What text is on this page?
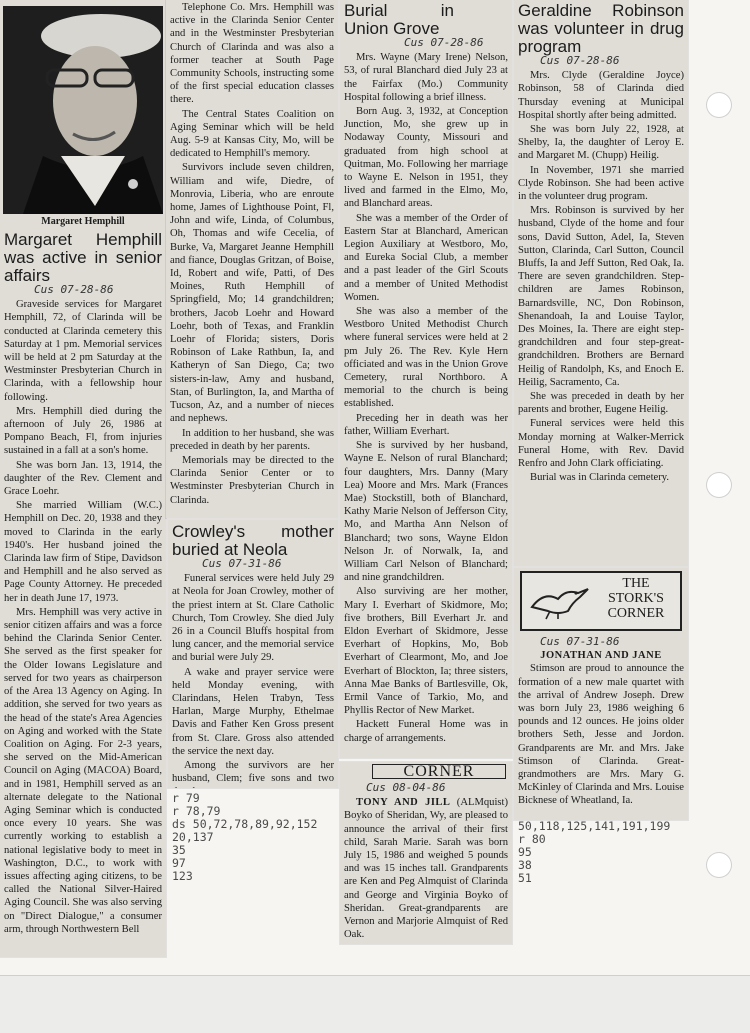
Margaret Hemphill
Margaret Hemphill was active in senior affairs
Cus 07-28-86

Graveside services for Margaret Hemphill, 72, of Clarinda will be conducted at Clarinda cemetery this Saturday at 1 pm. Memorial services will be held at 2 pm Saturday at the Westminster Presbyterian Church in Clarinda, with a fellowship hour following.

Mrs. Hemphill died during the afternoon of July 26, 1986 at Pompano Beach, Fl, from injuries sustained in a fall at a son's home.

She was born Jan. 13, 1914, the daughter of the Rev. Clement and Grace Loehr.

She married William (W.C.) Hemphill on Dec. 20, 1938 and they moved to Clarinda in the early 1940's. Her husband joined the Clarinda law firm of Stipe, Davidson and Hemphill and he also served as Page County Attorney. He preceded her in death June 17, 1973.

Mrs. Hemphill was very active in senior citizen affairs and was a force behind the Clarinda Senior Center. She served as the first speaker for the Older Iowans Legislature and served for two years as chairperson of the Area 13 Agency on Aging. In addition, she served for two years as the head of the state's Area Agencies on Aging and worked with the State Coalition on Aging. For 2-3 years, she served on the Mid-American Council on Aging (MACOA) Board, and in 1981, Hemphill served as an alternate delegate to the National Aging Seminar which is conducted once every 10 years. She was currently working to establish a national legislative body to meet in Washington, D.C., to work with issues affecting aging citizens, to be called the National Silver-Haired Aging Council. She was also serving on "Direct Dialogue," a consumer arm, through Northwestern Bell

Telephone Co. Mrs. Hemphill was active in the Clarinda Senior Center and in the Westminster Presbyterian Church of Clarinda and was also a former teacher at South Page Community Schools, instructing some of the first special education classes there.

The Central States Coalition on Aging Seminar which will be held Aug. 5-9 at Kansas City, Mo, will be dedicated to Hemphill's memory.

Survivors include seven children, William and wife, Diedre, of Monrovia, Liberia, who are enroute home, James of Lighthouse Point, Fl, John and wife, Linda, of Columbus, Oh, Thomas and wife Cecelia, of Burke, Va, Margaret Jeanne Hemphill and fiance, Douglas Gritzan, of Boise, Id, Robert and wife, Patti, of Des Moines, Ruth Hemphill of Springfield, Mo; 14 grandchildren; brothers, Jacob Loehr and Howard Loehr, both of Texas, and Franklin Loehr of Florida; sisters, Doris Robinson of Lake Rathbun, Ia, and Katheryn of San Diego, Ca; two sisters-in-law, Amy and husband, Stan, of Burlington, Ia, and Martha of Tucson, Az, and a number of nieces and nephews.

In addition to her husband, she was preceded in death by her parents.

Memorials may be directed to the Clarinda Senior Center or to Westminster Presbyterian Church in Clarinda.

Crowley's mother buried at Neola
Cus 07-31-86

Funeral services were held July 29 at Neola for Joan Crowley, mother of the priest intern at St. Clare Catholic Church, Tom Crowley. She died July 26 in a Council Bluffs hospital from lung cancer, and the memorial service and burial were July 29.

A wake and prayer service were held Monday evening, with Clarindans, Helen Trabyn, Tess Harlan, Marge Murphy, Ethelmae Davis and Father Ken Gross present from St. Clare. Gross also attended the service the next day.

Among the survivors are her husband, Clem; five sons and two

r 79
r 78,79
ds 50,72,78,89,92,152
20,137
35
97
123
Burial in Union Grove
Cus 07-28-86

Mrs. Wayne (Mary Irene) Nelson, 53, of rural Blanchard died July 23 at the Fairfax (Mo.) Community Hospital following a brief illness.

Born Aug. 3, 1932, at Conception Junction, Mo, she grew up in Nodaway County, Missouri and graduated from high school at Quitman, Mo. Following her marriage to Wayne E. Nelson in 1951, they lived and farmed in the Elmo, Mo, and Blanchard areas.

She was a member of the Order of Eastern Star at Blanchard, American Legion Auxiliary at Westboro, Mo, and Eureka Social Club, a member and a past leader of the Girl Scouts and a member of United Methodist Women.

She was also a member of the Westboro United Methodist Church where funeral services were held at 2 pm July 26. The Rev. Kyle Hern officiated and was in the Union Grove Cemetery, rural Northboro. A memorial to the church is being established.

Preceding her in death was her father, William Everhart.

She is survived by her husband, Wayne E. Nelson of rural Blanchard; four daughters, Mrs. Danny (Mary Lea) Moore and Mrs. Mark (Frances Mae) Stockstill, both of Blanchard, Kathy Marie Nelson of Jefferson City, Mo, and Martha Ann Nelson of Blanchard; two sons, Wayne Eldon Nelson Jr. of Norwalk, Ia, and William Carl Nelson of Blanchard; and nine grandchildren.

Also surviving are her mother, Mary I. Everhart of Skidmore, Mo; five brothers, Bill Everhart Jr. and Eldon Everhart of Skidmore, Jesse Everhart of Hopkins, Mo, Bob Everhart of Clearmont, Mo, and Joe Everhart of Blockton, Ia; three sisters, Anna Mae Banks of Bartlesville, Ok, Ermil Vance of Tarkio, Mo, and Phyllis Rector of New Market.

Hackett Funeral Home was in charge of arrangements.

CORNER
Cus 08-04-86

TONY AND JILL (ALMquist) Boyko of Sheridan, Wy, are pleased to announce the arrival of their first child, Sarah Marie. Sarah was born July 15, 1986 and weighed 5 pounds and was 15 inches tall. Grandparents are Ken and Peg Almquist of Clarinda and George and Virginia Boyko of Sheridan. Great-grandparents are Vernon and Marjorie Almquist of Red Oak.

Geraldine Robinson was volunteer in drug program
Cus 07-28-86

Mrs. Clyde (Geraldine Joyce) Robinson, 58 of Clarinda died Thursday evening at Municipal Hospital shortly after being admitted.

She was born July 22, 1928, at Shelby, Ia, the daughter of Leroy E. and Margaret M. (Chupp) Heilig.

In November, 1971 she married Clyde Robinson. She had been active in the volunteer drug program.

Mrs. Robinson is survived by her husband, Clyde of the home and four sons, David Sutton, Adel, Ia, Steven Sutton, Clarinda, Carl Sutton, Council Bluffs, Ia and Jeff Sutton, Red Oak, Ia. There are seven grandchildren. Step-children are James Robinson, Barnardsville, NC, Don Robinson, Shenandoah, Ia and Louise Taylor, Des Moines, Ia. There are eight step-grandchildren and four step-great-grandchildren. Brothers are Bernard Heilig of Randolph, Ks, and Enoch E. Heilig, Sacramento, Ca.

She was preceded in death by her parents and brother, Eugene Heilig.

Funeral services were held this Monday morning at Walker-Merrick Funeral Home, with Rev. David Renfro and John Clark officiating.

Burial was in Clarinda cemetery.

THE
STORK'S
CORNER
Cus 07-31-86
JONATHAN AND JANE

Stimson are proud to announce the formation of a new male quartet with the arrival of Andrew Joseph. Drew was born July 23, 1986 weighing 6 pounds and 12 ounces. He joins older brothers Seth, Jesse and Jordon. Grandparents are Mr. and Mrs. Jake Stimson of Clarinda. Great-grandmothers are Mrs. Mary G. McKinley of Clarinda and Mrs. Louise Bicknese of Wheatland, Ia.

50,118,125,141,191,199
r 80
95
38
51
